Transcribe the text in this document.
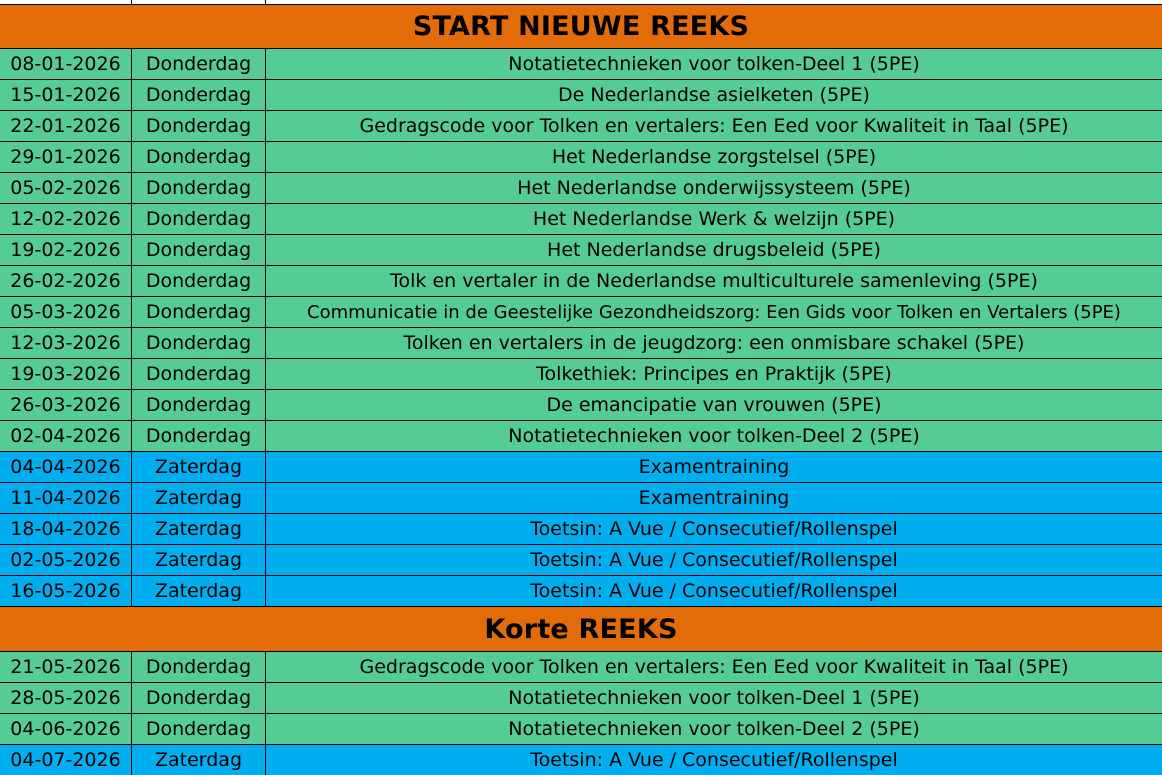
START NIEUWE REEKS
08-01-2026	Donderdag	Notatietechnieken voor tolken-Deel 1 (5PE)
15-01-2026	Donderdag	De Nederlandse asielketen (5PE)
22-01-2026	Donderdag	Gedragscode voor Tolken en vertalers: Een Eed voor Kwaliteit in Taal (5PE)
29-01-2026	Donderdag	Het Nederlandse zorgstelsel (5PE)
05-02-2026	Donderdag	Het Nederlandse onderwijssysteem (5PE)
12-02-2026	Donderdag	Het Nederlandse Werk & welzijn (5PE)
19-02-2026	Donderdag	Het Nederlandse drugsbeleid (5PE)
26-02-2026	Donderdag	Tolk en vertaler in de Nederlandse multiculturele samenleving (5PE)
05-03-2026	Donderdag	Communicatie in de Geestelijke Gezondheidszorg: Een Gids voor Tolken en Vertalers (5PE)
12-03-2026	Donderdag	Tolken en vertalers in de jeugdzorg: een onmisbare schakel (5PE)
19-03-2026	Donderdag	Tolkethiek: Principes en Praktijk (5PE)
26-03-2026	Donderdag	De emancipatie van vrouwen (5PE)
02-04-2026	Donderdag	Notatietechnieken voor tolken-Deel 2 (5PE)
04-04-2026	Zaterdag	Examentraining
11-04-2026	Zaterdag	Examentraining
18-04-2026	Zaterdag	Toetsin: A Vue / Consecutief/Rollenspel
02-05-2026	Zaterdag	Toetsin: A Vue / Consecutief/Rollenspel
16-05-2026	Zaterdag	Toetsin: A Vue / Consecutief/Rollenspel
Korte REEKS
21-05-2026	Donderdag	Gedragscode voor Tolken en vertalers: Een Eed voor Kwaliteit in Taal (5PE)
28-05-2026	Donderdag	Notatietechnieken voor tolken-Deel 1 (5PE)
04-06-2026	Donderdag	Notatietechnieken voor tolken-Deel 2 (5PE)
04-07-2026	Zaterdag	Toetsin: A Vue / Consecutief/Rollenspel
